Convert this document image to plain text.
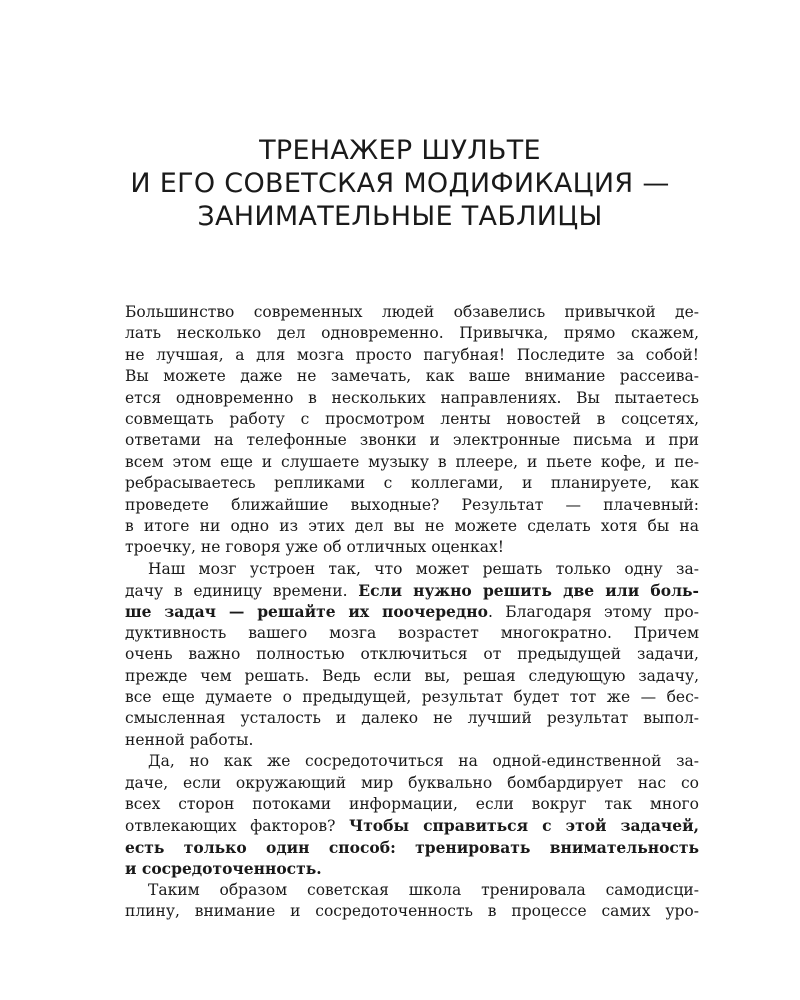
ТРЕНАЖЕР ШУЛЬТЕ
И ЕГО СОВЕТСКАЯ МОДИФИКАЦИЯ —
ЗАНИМАТЕЛЬНЫЕ ТАБЛИЦЫ
Большинство современных людей обзавелись привычкой де-
лать несколько дел одновременно. Привычка, прямо скажем,
не лучшая, а для мозга просто пагубная! Последите за собой!
Вы можете даже не замечать, как ваше внимание рассеива-
ется одновременно в нескольких направлениях. Вы пытаетесь
совмещать работу с просмотром ленты новостей в соцсетях,
ответами на телефонные звонки и электронные письма и при
всем этом еще и слушаете музыку в плеере, и пьете кофе, и пе-
ребрасываетесь репликами с коллегами, и планируете, как
проведете ближайшие выходные? Результат — плачевный:
в итоге ни одно из этих дел вы не можете сделать хотя бы на
троечку, не говоря уже об отличных оценках!
Наш мозг устроен так, что может решать только одну за-
дачу в единицу времени. Если нужно решить две или боль-
ше задач — решайте их поочередно. Благодаря этому про-
дуктивность вашего мозга возрастет многократно. Причем
очень важно полностью отключиться от предыдущей задачи,
прежде чем решать. Ведь если вы, решая следующую задачу,
все еще думаете о предыдущей, результат будет тот же — бес-
смысленная усталость и далеко не лучший результат выпол-
ненной работы.
Да, но как же сосредоточиться на одной-единственной за-
даче, если окружающий мир буквально бомбардирует нас со
всех сторон потоками информации, если вокруг так много
отвлекающих факторов? Чтобы справиться с этой задачей,
есть только один способ: тренировать внимательность
и сосредоточенность.
Таким образом советская школа тренировала самодисци-
плину, внимание и сосредоточенность в процессе самих уро-
